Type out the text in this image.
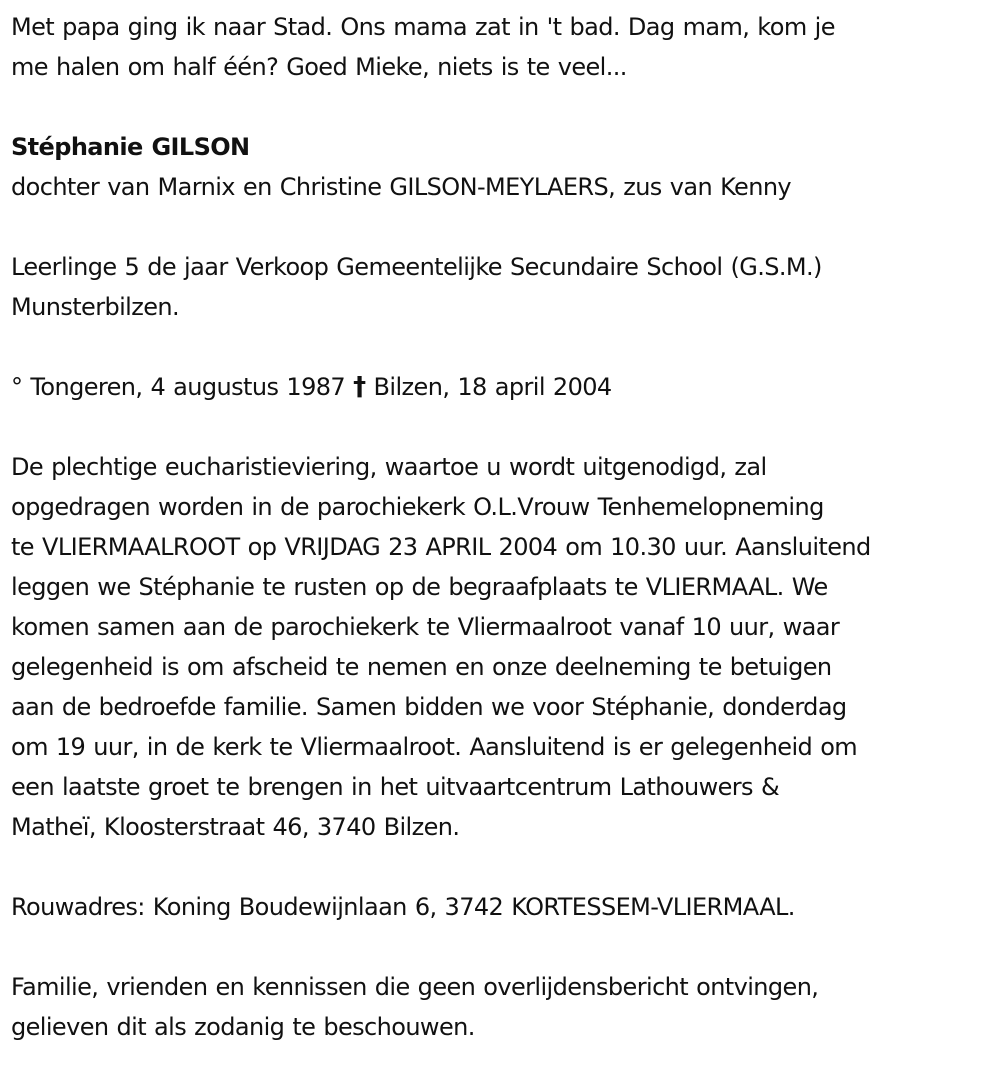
Met papa ging ik naar Stad. Ons mama zat in 't bad. Dag mam, kom je
me halen om half één? Goed Mieke, niets is te veel...

Stéphanie GILSON

dochter van Marnix en Christine GILSON-MEYLAERS, zus van Kenny

Leerlinge 5 de jaar Verkoop Gemeentelijke Secundaire School (G.S.M.)
Munsterbilzen.

° Tongeren, 4 augustus 1987 † Bilzen, 18 april 2004

De plechtige eucharistieviering, waartoe u wordt uitgenodigd, zal
opgedragen worden in de parochiekerk O.L.Vrouw Tenhemelopneming
te VLIERMAALROOT op VRIJDAG 23 APRIL 2004 om 10.30 uur. Aansluitend
leggen we Stéphanie te rusten op de begraafplaats te VLIERMAAL. We
komen samen aan de parochiekerk te Vliermaalroot vanaf 10 uur, waar
gelegenheid is om afscheid te nemen en onze deelneming te betuigen
aan de bedroefde familie. Samen bidden we voor Stéphanie, donderdag
om 19 uur, in de kerk te Vliermaalroot. Aansluitend is er gelegenheid om
een laatste groet te brengen in het uitvaartcentrum Lathouwers &
Matheï, Kloosterstraat 46, 3740 Bilzen.

Rouwadres: Koning Boudewijnlaan 6, 3742 KORTESSEM-VLIERMAAL.

Familie, vrienden en kennissen die geen overlijdensbericht ontvingen,
gelieven dit als zodanig te beschouwen.
